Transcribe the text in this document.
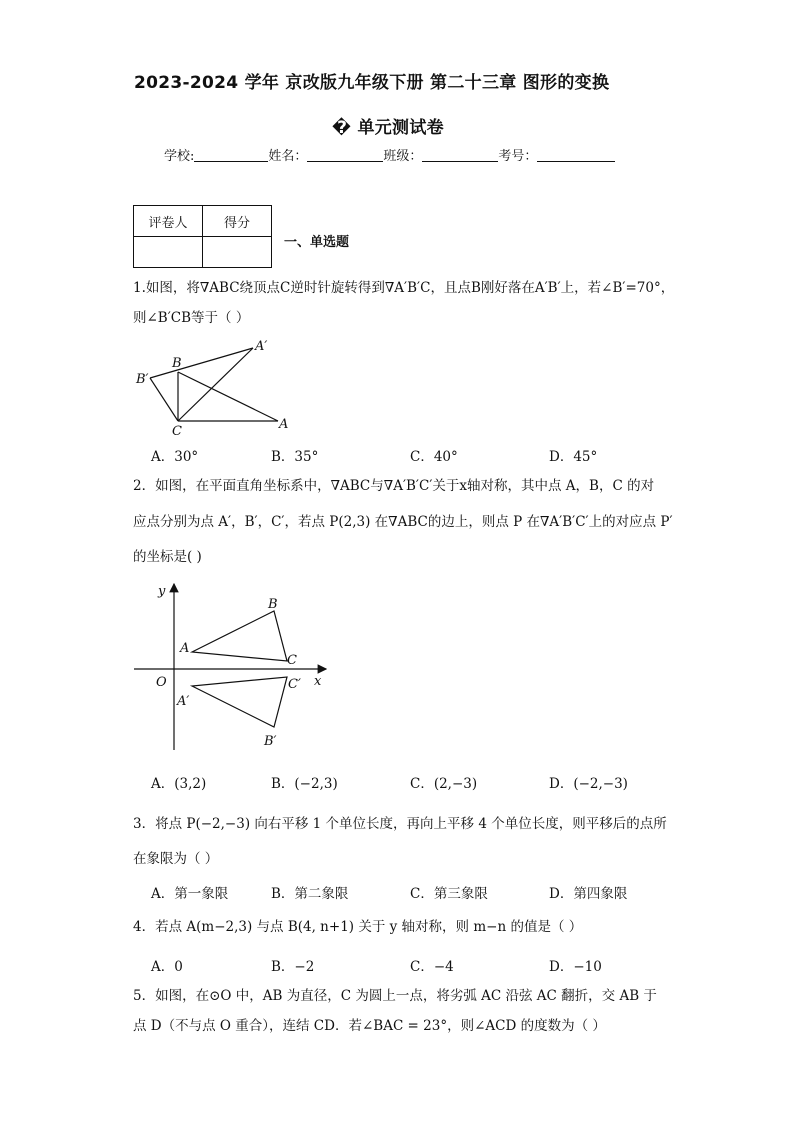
2023-2024 学年 京改版九年级下册 第二十三章 图形的变换
� 单元测试卷
学校:	姓名：	班级：	考号：
评卷人	得分

一、单选题
1.如图，将∇ABC绕顶点C逆时针旋转得到∇A′B′C，且点B刚好落在A′B′上，若∠B′=70°，
则∠B′CB等于（ ）
B
A′
B′
C	A
A．30°	B．35°	C．40°	D．45°
2．如图，在平面直角坐标系中，∇ABC与∇A′B′C′关于x轴对称，其中点 A，B，C 的对
应点分别为点 A′，B′，C′，若点 P(2,3) 在∇ABC的边上，则点 P 在∇A′B′C′上的对应点 P′
的坐标是( )
y
x
O
A
B
C
A′
B′
C′
A．(3,2)	B．(−2,3)	C．(2,−3)	D．(−2,−3)
3．将点 P(−2,−3) 向右平移 1 个单位长度，再向上平移 4 个单位长度，则平移后的点所
在象限为（ ）
A．第一象限	B．第二象限	C．第三象限	D．第四象限
4．若点 A(m−2,3) 与点 B(4, n+1) 关于 y 轴对称，则 m−n 的值是（ ）
A．0	B．−2	C．−4	D．−10
5．如图，在⊙O 中，AB 为直径，C 为圆上一点，将劣弧 AC 沿弦 AC 翻折，交 AB 于
点 D（不与点 O 重合），连结 CD．若∠BAC = 23°，则∠ACD 的度数为（ ）
